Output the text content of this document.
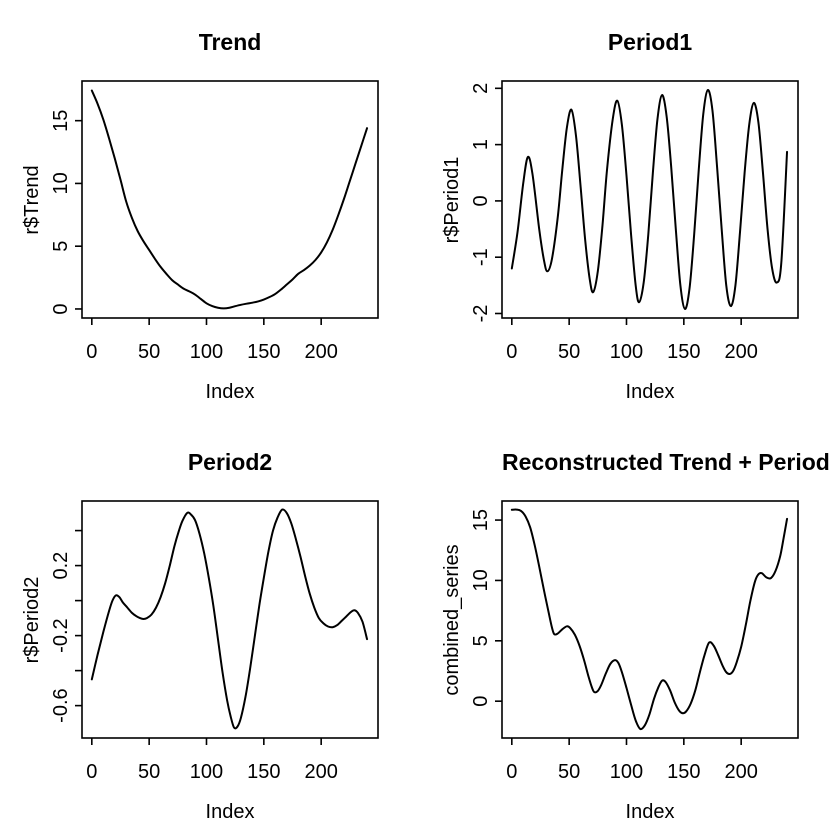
Trend
r$Trend
0 50 100 150 200
0
5
10
15
Index
Period1
r$Period1
0 50 100 150 200
-2
-1
0
1
2
Index
Period2
r$Period2
0 50 100 150 200
-0.6
-0.2
0.2
Index
Reconstructed Trend + Period
combined_series
0 50 100 150 200
0
5
10
15
Index
